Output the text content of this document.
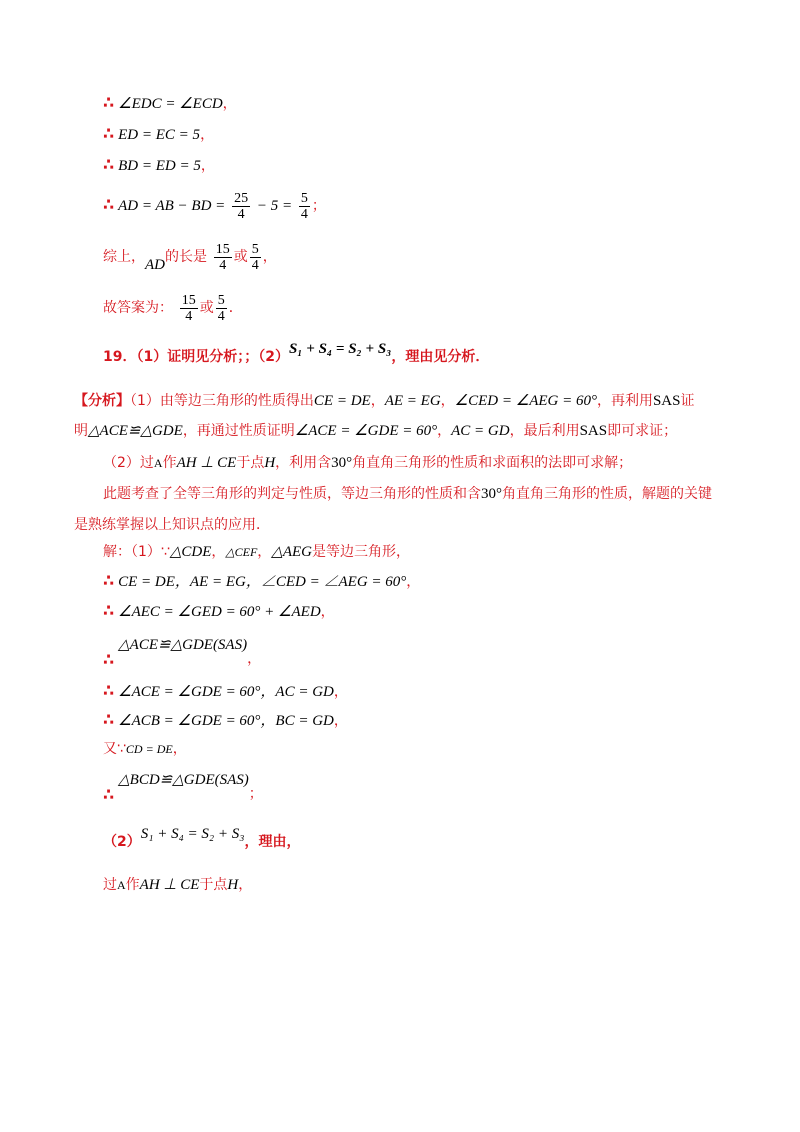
∴ ∠EDC = ∠ECD，
∴ ED = EC = 5，
∴ BD = ED = 5，
∴ AD = AB − BD = $\frac{25}{4} - 5 = \frac{5}{4}$ ；
综上，AD的长是 $\frac{15}{4}$ 或 $\frac{5}{4}$ ，
故答案为： $\frac{15}{4}$ 或 $\frac{5}{4}$ ．
19．（1）证明见分析；；（2）S₁ + S₄ = S₂ + S₃，理由见分析．
【分析】（1）由等边三角形的性质得出CE = DE，AE = EG，∠CED = ∠AEG = 60°，再利用SAS证
明△ACE≌△GDE，再通过性质证明∠ACE = ∠GDE = 60°，AC = GD，最后利用SAS即可求证；
（2）过A作AH ⊥ CE于点H，利用含30°角直角三角形的性质和求面积的法即可求解；
此题考查了全等三角形的判定与性质，等边三角形的性质和含30°角直角三角形的性质，解题的关键
是熟练掌握以上知识点的应用．
解：（1）∵△CDE，△CEF，△AEG是等边三角形，
∴ CE = DE，AE = EG，∠CED = ∠AEG = 60°，
∴ ∠AEC = ∠GED = 60° + ∠AED，
∴△ACE≌△GDE(SAS)，
∴ ∠ACE = ∠GDE = 60°，AC = GD，
∴ ∠ACB = ∠GDE = 60°，BC = GD，
又∵CD = DE，
∴△BCD≌△GDE(SAS)；
（2）S₁ + S₄ = S₂ + S₃，理由，
过A作AH ⊥ CE于点H，
